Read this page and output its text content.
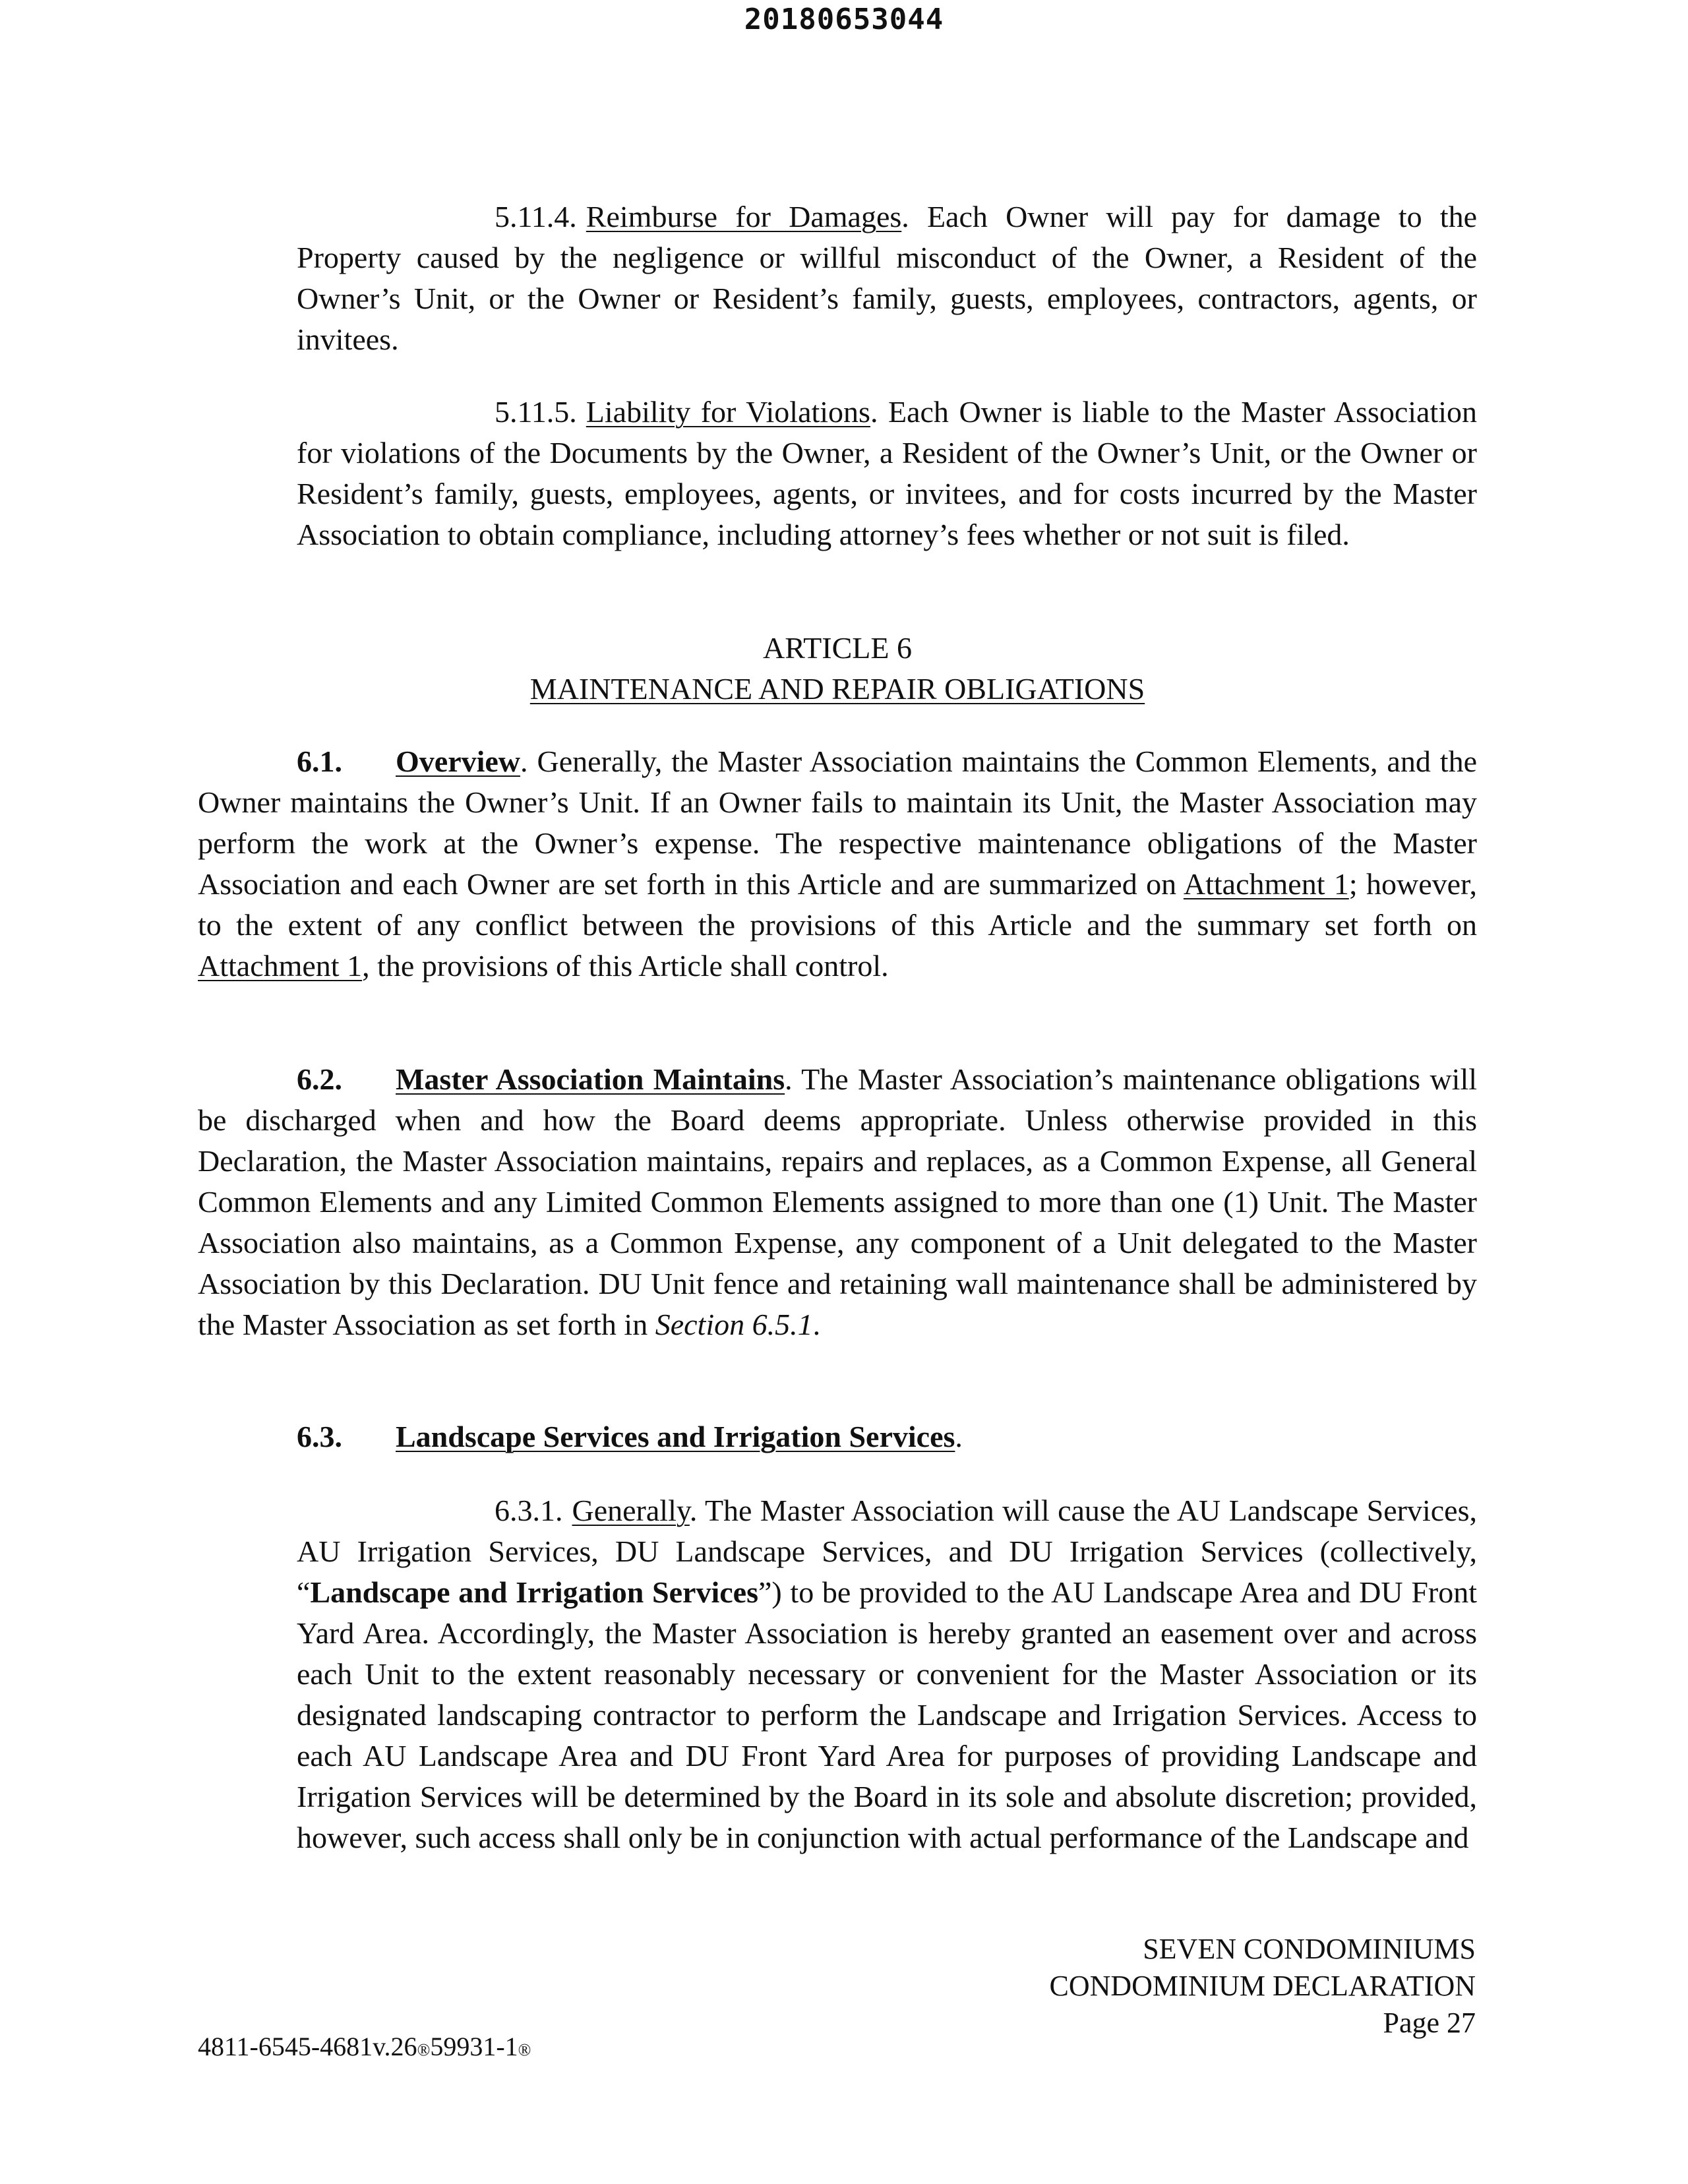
20180653044

5.11.4. Reimburse for Damages. Each Owner will pay for damage to the Property caused by the negligence or willful misconduct of the Owner, a Resident of the Owner’s Unit, or the Owner or Resident’s family, guests, employees, contractors, agents, or invitees.

5.11.5. Liability for Violations. Each Owner is liable to the Master Association for violations of the Documents by the Owner, a Resident of the Owner’s Unit, or the Owner or Resident’s family, guests, employees, agents, or invitees, and for costs incurred by the Master Association to obtain compliance, including attorney’s fees whether or not suit is filed.

ARTICLE 6

MAINTENANCE AND REPAIR OBLIGATIONS

6.1. Overview. Generally, the Master Association maintains the Common Elements, and the Owner maintains the Owner’s Unit. If an Owner fails to maintain its Unit, the Master Association may perform the work at the Owner’s expense. The respective maintenance obligations of the Master Association and each Owner are set forth in this Article and are summarized on Attachment 1; however, to the extent of any conflict between the provisions of this Article and the summary set forth on Attachment 1, the provisions of this Article shall control.

6.2. Master Association Maintains. The Master Association’s maintenance obligations will be discharged when and how the Board deems appropriate. Unless otherwise provided in this Declaration, the Master Association maintains, repairs and replaces, as a Common Expense, all General Common Elements and any Limited Common Elements assigned to more than one (1) Unit. The Master Association also maintains, as a Common Expense, any component of a Unit delegated to the Master Association by this Declaration. DU Unit fence and retaining wall maintenance shall be administered by the Master Association as set forth in Section 6.5.1.

6.3. Landscape Services and Irrigation Services.

6.3.1. Generally. The Master Association will cause the AU Landscape Services, AU Irrigation Services, DU Landscape Services, and DU Irrigation Services (collectively, “Landscape and Irrigation Services”) to be provided to the AU Landscape Area and DU Front Yard Area. Accordingly, the Master Association is hereby granted an easement over and across each Unit to the extent reasonably necessary or convenient for the Master Association or its designated landscaping contractor to perform the Landscape and Irrigation Services. Access to each AU Landscape Area and DU Front Yard Area for purposes of providing Landscape and Irrigation Services will be determined by the Board in its sole and absolute discretion; provided, however, such access shall only be in conjunction with actual performance of the Landscape and

SEVEN CONDOMINIUMS
CONDOMINIUM DECLARATION
Page 27
4811-6545-4681v.26®59931-1®
